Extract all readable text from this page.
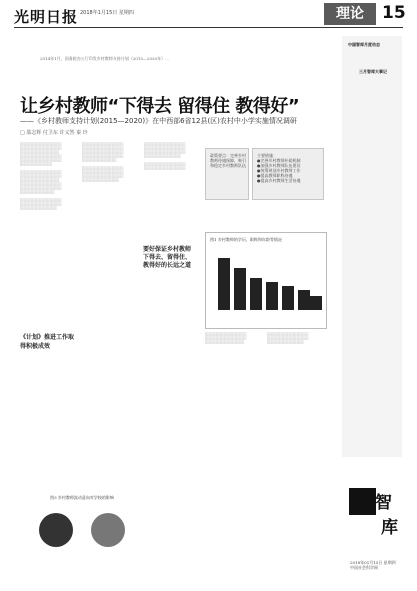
光明日报 2018年1月15日 星期四	理论	15
2014年1月，国务院办公厅印发乡村教师支持计划（2015—2020年）...
让乡村教师“下得去 留得住 教得好”
——《乡村教师支持计划(2015—2020)》在中西部6省12县(区)农村中小学实施情况调研
□ 邬志辉 付卫东 许义然 秦 玲
░░░░░░░░░░░░░░░░░░
░░░░░░░░░░░░░░░░░░
░░░░░░░░░░░░░░░░░
░░░░░░░░░░░░░░░░░░
░░░░░░░░░░░░░░░░░░
░░░░░░░░░░░░░░

░░░░░░░░░░░░░░░░░░
░░░░░░░░░░░░░░░░░░
░░░░░░░░░░░░░░░░░
░░░░░░░░░░░░░░░░░░
░░░░░░░░░░░░░░░░░░
░░░░░░░░░░░░░░░

░░░░░░░░░░░░░░░░░░
░░░░░░░░░░░░░░░░░░
░░░░░░░░░░░░░░░░

░░░░░░░░░░░░░░░░░░
░░░░░░░░░░░░░░░░░░
░░░░░░░░░░░░░░░░░░
░░░░░░░░░░░░░░░░░░
░░░░░░░░░░░░░░░

░░░░░░░░░░░░░░░░░░
░░░░░░░░░░░░░░░░░░
░░░░░░░░░░░░░░░░░░
░░░░░░░░░░░░░░░░

░░░░░░░░░░░░░░░░░░
░░░░░░░░░░░░░░░░░░
░░░░░░░░░░░░░░░░░░
░░░░░░░░░░░░░░░░

░░░░░░░░░░░░░░░░░░
░░░░░░░░░░░░░░░░░░

《计划》推进工作取得积极成效
要好保证乡村教师下得去、留得住、教得好的长远之道
政策要点：完善乡村教师待遇保障，吸引和稳定乡村教师队伍
主要措施：
●完善乡村教师补助机制
●加强乡村教师队伍建设
●统筹规划乡村教师工作
●提高教师职称待遇
●提高乡村教师生活待遇
图1 乡村教师的学历、职称和年龄等情况
░░░░░░░░░░░░░░░░░░
░░░░░░░░░░░░░░░░░░
░░░░░░░░░░░░░░░░░

░░░░░░░░░░░░░░░░░░
░░░░░░░░░░░░░░░░░░
░░░░░░░░░░░░░░░░

图3 乡村教师流动意向对学校的影响
中国智库月度动态
三月智库大事记
智
库
2018年01月15日 星期四 中国社会科学网
